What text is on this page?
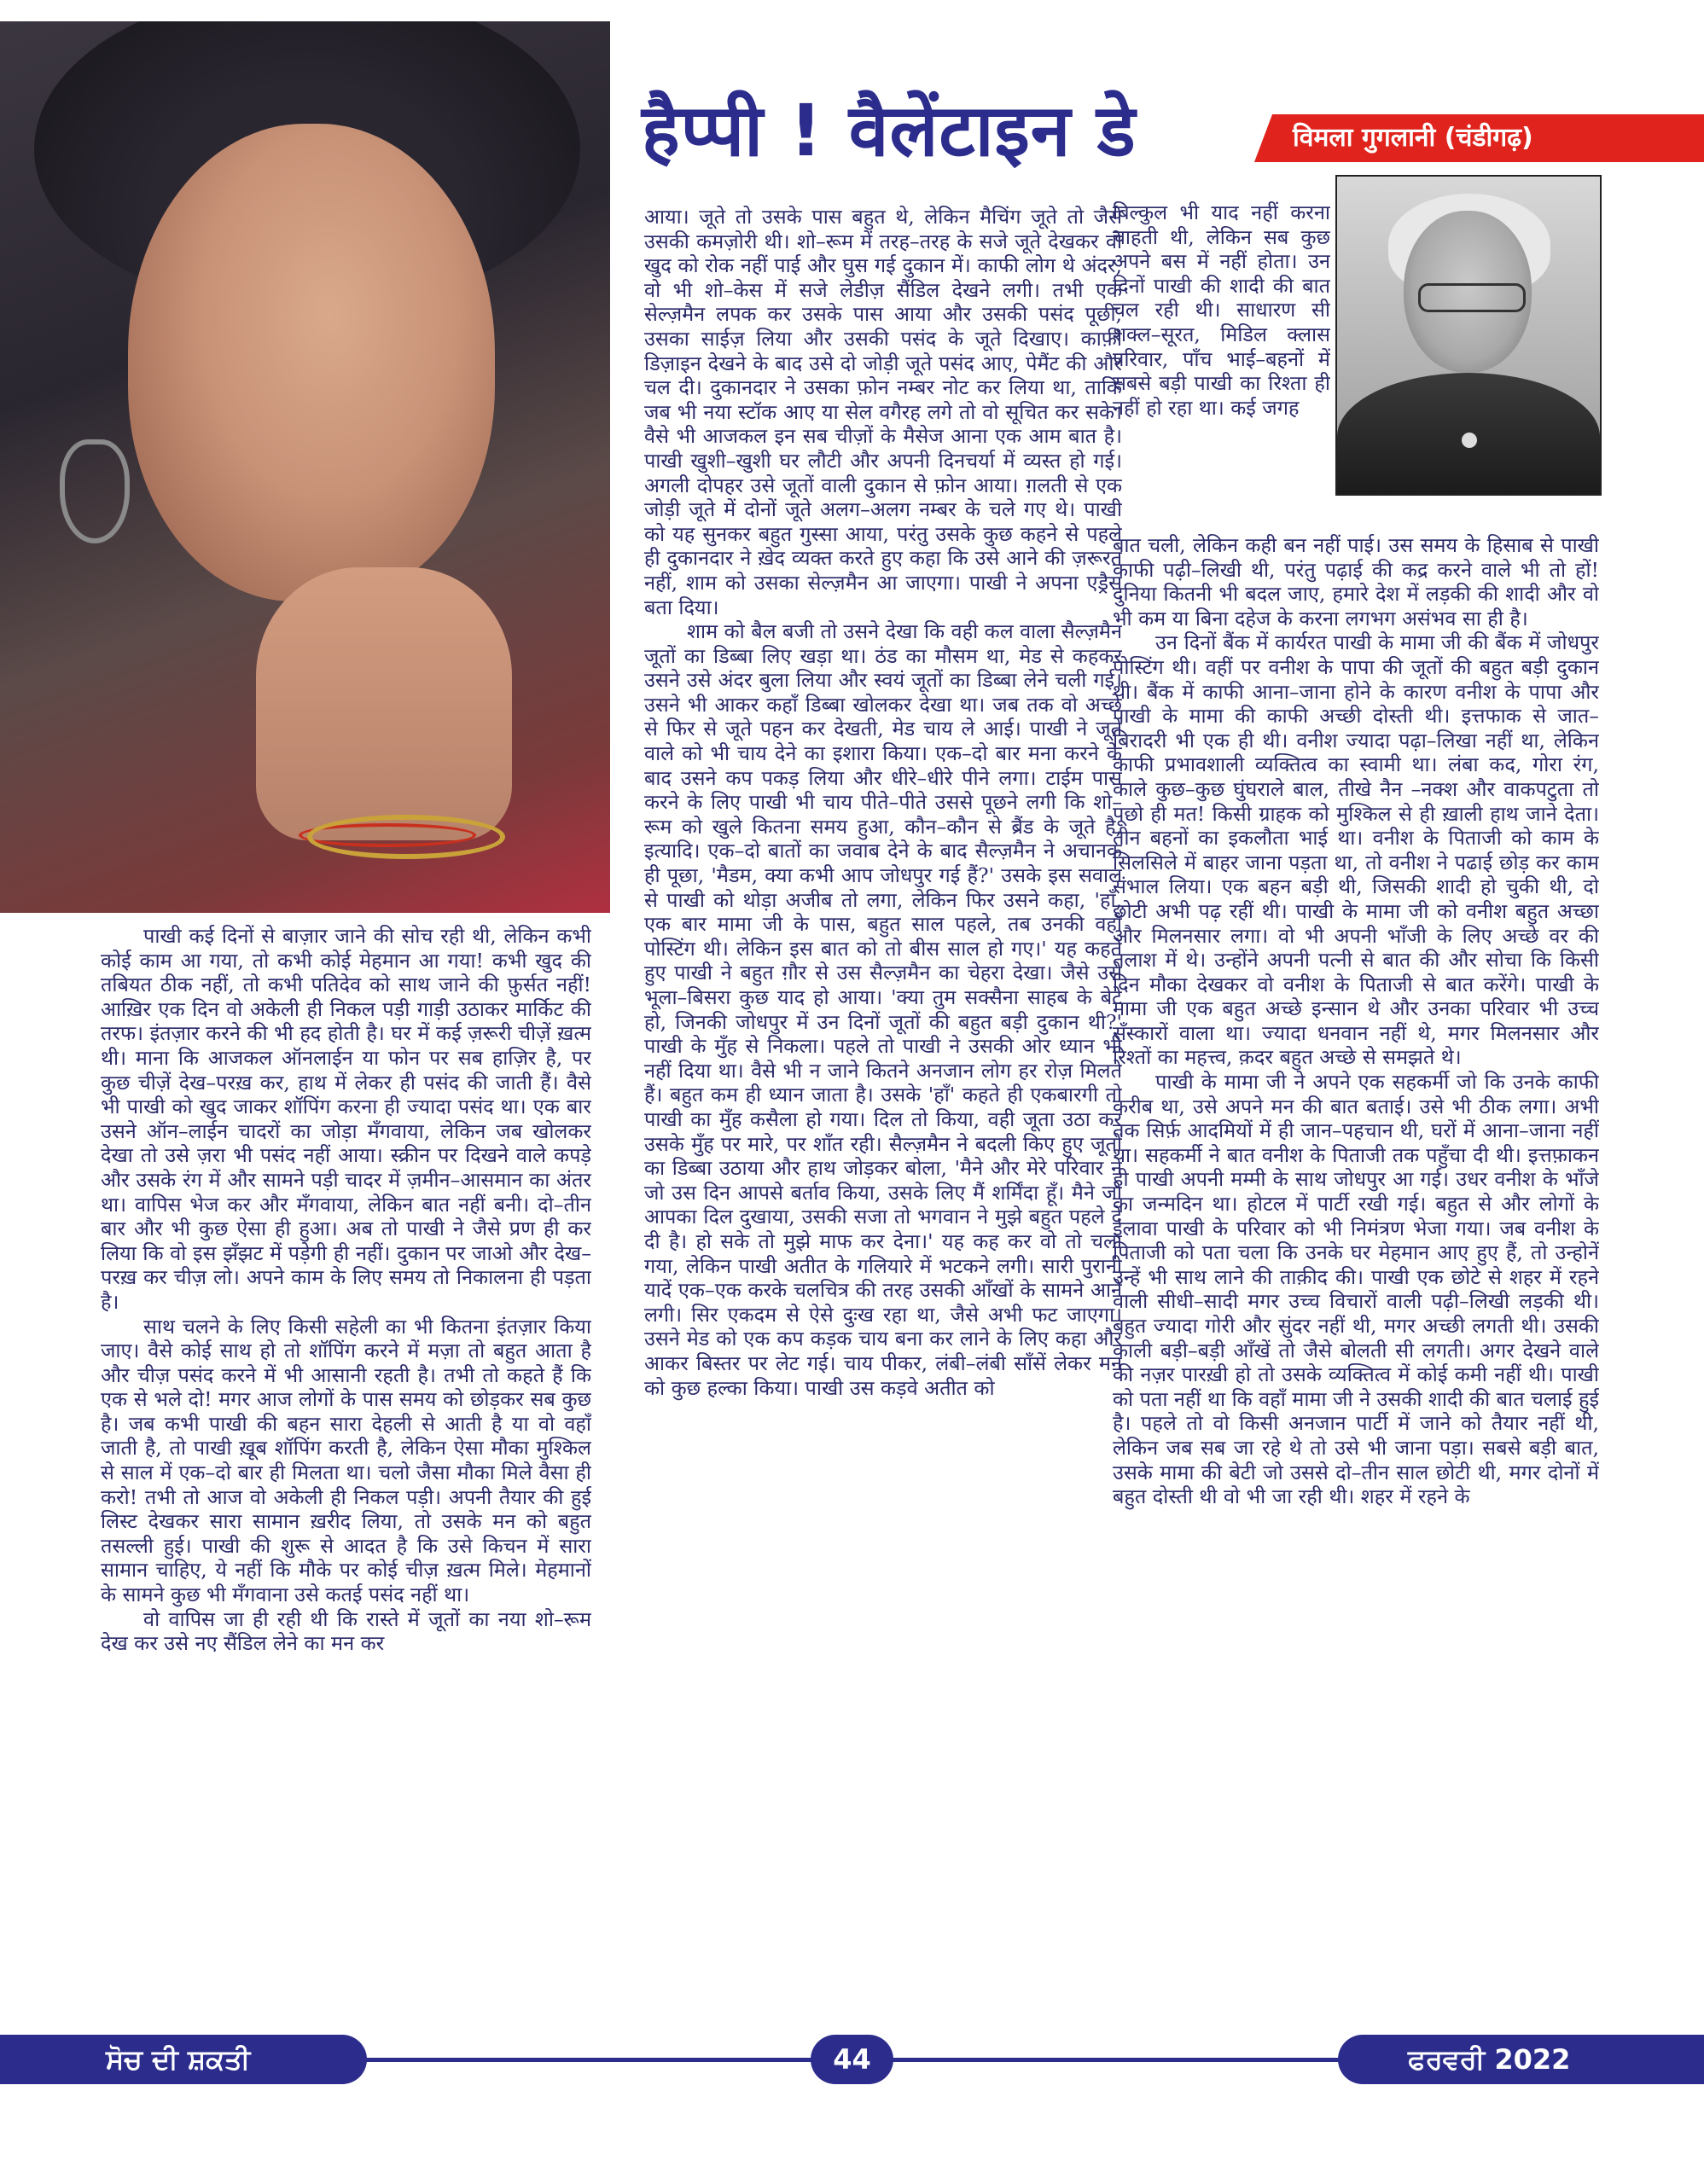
हैप्पी ! वैलेंटाइन डे	विमला गुगलानी (चंडीगढ़)

पाखी कई दिनों से बाज़ार जाने की सोच रही थी, लेकिन कभी कोई काम आ गया, तो कभी कोई मेहमान आ गया! कभी खुद की तबियत ठीक नहीं, तो कभी पतिदेव को साथ जाने की फ़ुर्सत नहीं! आख़िर एक दिन वो अकेली ही निकल पड़ी गाड़ी उठाकर मार्किट की तरफ। इंतज़ार करने की भी हद होती है। घर में कई ज़रूरी चीज़ें ख़त्म थी। माना कि आजकल ऑनलाईन या फोन पर सब हाज़िर है, पर कुछ चीज़ें देख–परख़ कर, हाथ में लेकर ही पसंद की जाती हैं। वैसे भी पाखी को खुद जाकर शॉपिंग करना ही ज्यादा पसंद था। एक बार उसने ऑन–लाईन चादरों का जोड़ा मँगवाया, लेकिन जब खोलकर देखा तो उसे ज़रा भी पसंद नहीं आया। स्क्रीन पर दिखने वाले कपड़े और उसके रंग में और सामने पड़ी चादर में ज़मीन–आसमान का अंतर था। वापिस भेज कर और मँगवाया, लेकिन बात नहीं बनी। दो–तीन बार और भी कुछ ऐसा ही हुआ। अब तो पाखी ने जैसे प्रण ही कर लिया कि वो इस झँझट में पड़ेगी ही नहीं। दुकान पर जाओ और देख–परख़ कर चीज़ लो। अपने काम के लिए समय तो निकालना ही पड़ता है।

साथ चलने के लिए किसी सहेली का भी कितना इंतज़ार किया जाए। वैसे कोई साथ हो तो शॉपिंग करने में मज़ा तो बहुत आता है और चीज़ पसंद करने में भी आसानी रहती है। तभी तो कहते हैं कि एक से भले दो! मगर आज लोगों के पास समय को छोड़कर सब कुछ है। जब कभी पाखी की बहन सारा देहली से आती है या वो वहाँ जाती है, तो पाखी ख़ूब शॉपिंग करती है, लेकिन ऐसा मौका मुश्किल से साल में एक–दो बार ही मिलता था। चलो जैसा मौका मिले वैसा ही करो! तभी तो आज वो अकेली ही निकल पड़ी। अपनी तैयार की हुई लिस्ट देखकर सारा सामान ख़रीद लिया, तो उसके मन को बहुत तसल्ली हुई। पाखी की शुरू से आदत है कि उसे किचन में सारा सामान चाहिए, ये नहीं कि मौके पर कोई चीज़ ख़त्म मिले। मेहमानों के सामने कुछ भी मँगवाना उसे कतई पसंद नहीं था।

वो वापिस जा ही रही थी कि रास्ते में जूतों का नया शो–रूम देख कर उसे नए सैंडिल लेने का मन कर

आया। जूते तो उसके पास बहुत थे, लेकिन मैचिंग जूते तो जैसे उसकी कमज़ोरी थी। शो–रूम में तरह–तरह के सजे जूते देखकर वो खुद को रोक नहीं पाई और घुस गई दुकान में। काफी लोग थे अंदर, वो भी शो–केस में सजे लेडीज़ सैंडिल देखने लगी। तभी एक सेल्ज़मैन लपक कर उसके पास आया और उसकी पसंद पूछी, उसका साईज़ लिया और उसकी पसंद के जूते दिखाए। काफ़ी डिज़ाइन देखने के बाद उसे दो जोड़ी जूते पसंद आए, पेमैंट की और चल दी। दुकानदार ने उसका फ़ोन नम्बर नोट कर लिया था, ताकि जब भी नया स्टॉक आए या सेल वगैरह लगे तो वो सूचित कर सके। वैसे भी आजकल इन सब चीज़ों के मैसेज आना एक आम बात है। पाखी खुशी–खुशी घर लौटी और अपनी दिनचर्या में व्यस्त हो गई। अगली दोपहर उसे जूतों वाली दुकान से फ़ोन आया। ग़लती से एक जोड़ी जूते में दोनों जूते अलग–अलग नम्बर के चले गए थे। पाखी को यह सुनकर बहुत गुस्सा आया, परंतु उसके कुछ कहने से पहले ही दुकानदार ने ख़ेद व्यक्त करते हुए कहा कि उसे आने की ज़रूरत नहीं, शाम को उसका सेल्ज़मैन आ जाएगा। पाखी ने अपना एड्रैस बता दिया।

शाम को बैल बजी तो उसने देखा कि वही कल वाला सैल्ज़मैन जूतों का डिब्बा लिए खड़ा था। ठंड का मौसम था, मेड से कहकर उसने उसे अंदर बुला लिया और स्वयं जूतों का डिब्बा लेने चली गई। उसने भी आकर कहाँ डिब्बा खोलकर देखा था। जब तक वो अच्छे से फिर से जूते पहन कर देखती, मेड चाय ले आई। पाखी ने जूते वाले को भी चाय देने का इशारा किया। एक–दो बार मना करने के बाद उसने कप पकड़ लिया और धीरे–धीरे पीने लगा। टाईम पास करने के लिए पाखी भी चाय पीते–पीते उससे पूछने लगी कि शो–रूम को खुले कितना समय हुआ, कौन–कौन से ब्रैंड के जूते है, इत्यादि। एक–दो बातों का जवाब देने के बाद सैल्ज़मैन ने अचानक ही पूछा, 'मैडम, क्या कभी आप जोधपुर गई हैं?' उसके इस सवाल से पाखी को थोड़ा अजीब तो लगा, लेकिन फिर उसने कहा, 'हाँ, एक बार मामा जी के पास, बहुत साल पहले, तब उनकी वहाँ पोस्टिंग थी। लेकिन इस बात को तो बीस साल हो गए।' यह कहते हुए पाखी ने बहुत ग़ौर से उस सैल्ज़मैन का चेहरा देखा। जैसे उसे भूला–बिसरा कुछ याद हो आया। 'क्या तुम सक्सैना साहब के बेटे हो, जिनकी जोधपुर में उन दिनों जूतों की बहुत बड़ी दुकान थी?' पाखी के मुँह से निकला। पहले तो पाखी ने उसकी ओर ध्यान भी नहीं दिया था। वैसे भी न जाने कितने अनजान लोग हर रोज़ मिलते हैं। बहुत कम ही ध्यान जाता है। उसके 'हाँ' कहते ही एकबारगी तो पाखी का मुँह कसैला हो गया। दिल तो किया, वही जूता उठा कर उसके मुँह पर मारे, पर शाँत रही। सैल्ज़मैन ने बदली किए हुए जूतों का डिब्बा उठाया और हाथ जोड़कर बोला, 'मैने और मेरे परिवार ने जो उस दिन आपसे बर्ताव किया, उसके लिए मैं शर्मिंदा हूँ। मैने जो आपका दिल दुखाया, उसकी सजा तो भगवान ने मुझे बहुत पहले दे दी है। हो सके तो मुझे माफ कर देना।' यह कह कर वो तो चला गया, लेकिन पाखी अतीत के गलियारे में भटकने लगी। सारी पुरानी यादें एक–एक करके चलचित्र की तरह उसकी आँखों के सामने आने लगी। सिर एकदम से ऐसे दुःख रहा था, जैसे अभी फट जाएगा। उसने मेड को एक कप कड़क चाय बना कर लाने के लिए कहा और आकर बिस्तर पर लेट गई। चाय पीकर, लंबी–लंबी साँसें लेकर मन को कुछ हल्का किया। पाखी उस कड़वे अतीत को

बिल्कुल भी याद नहीं करना चाहती थी, लेकिन सब कुछ अपने बस में नहीं होता। उन दिनों पाखी की शादी की बात चल रही थी। साधारण सी शक्ल–सूरत, मिडिल क्लास परिवार, पाँच भाई–बहनों में सबसे बड़ी पाखी का रिश्ता ही नहीं हो रहा था। कई जगह

बात चली, लेकिन कही बन नहीं पाई। उस समय के हिसाब से पाखी काफी पढ़ी–लिखी थी, परंतु पढ़ाई की कद्र करने वाले भी तो हों! दुनिया कितनी भी बदल जाए, हमारे देश में लड़की की शादी और वो भी कम या बिना दहेज के करना लगभग असंभव सा ही है।

उन दिनों बैंक में कार्यरत पाखी के मामा जी की बैंक में जोधपुर पोस्टिंग थी। वहीं पर वनीश के पापा की जूतों की बहुत बड़ी दुकान थी। बैंक में काफी आना–जाना होने के कारण वनीश के पापा और पाखी के मामा की काफी अच्छी दोस्ती थी। इत्तफाक से जात–बिरादरी भी एक ही थी। वनीश ज्यादा पढ़ा–लिखा नहीं था, लेकिन काफी प्रभावशाली व्यक्तित्व का स्वामी था। लंबा कद, गोरा रंग, काले कुछ–कुछ घुंघराले बाल, तीखे नैन –नक्श और वाकपटुता तो पूछो ही मत! किसी ग्राहक को मुश्किल से ही ख़ाली हाथ जाने देता। तीन बहनों का इकलौता भाई था। वनीश के पिताजी को काम के सिलसिले में बाहर जाना पड़ता था, तो वनीश ने पढाई छोड़ कर काम संभाल लिया। एक बहन बड़ी थी, जिसकी शादी हो चुकी थी, दो छोटी अभी पढ़ रहीं थी। पाखी के मामा जी को वनीश बहुत अच्छा और मिलनसार लगा। वो भी अपनी भाँजी के लिए अच्छे वर की तलाश में थे। उन्होंने अपनी पत्नी से बात की और सोचा कि किसी दिन मौका देखकर वो वनीश के पिताजी से बात करेंगे। पाखी के मामा जी एक बहुत अच्छे इन्सान थे और उनका परिवार भी उच्च सँस्कारों वाला था। ज्यादा धनवान नहीं थे, मगर मिलनसार और रिश्तों का महत्त्व, क़दर बहुत अच्छे से समझते थे।

पाखी के मामा जी ने अपने एक सहकर्मी जो कि उनके काफी करीब था, उसे अपने मन की बात बताई। उसे भी ठीक लगा। अभी तक सिर्फ़ आदमियों में ही जान–पहचान थी, घरों में आना–जाना नहीं था। सहकर्मी ने बात वनीश के पिताजी तक पहुँचा दी थी। इत्तफ़ाकन ही पाखी अपनी मम्मी के साथ जोधपुर आ गई। उधर वनीश के भाँजे का जन्मदिन था। होटल में पार्टी रखी गई। बहुत से और लोगों के इलावा पाखी के परिवार को भी निमंत्रण भेजा गया। जब वनीश के पिताजी को पता चला कि उनके घर मेहमान आए हुए हैं, तो उन्होनें उन्हें भी साथ लाने की ताक़ीद की। पाखी एक छोटे से शहर में रहने वाली सीधी–सादी मगर उच्च विचारों वाली पढ़ी–लिखी लड़की थी। बहुत ज्यादा गोरी और सुंदर नहीं थी, मगर अच्छी लगती थी। उसकी काली बड़ी–बड़ी आँखें तो जैसे बोलती सी लगती। अगर देखने वाले की नज़र पारख़ी हो तो उसके व्यक्तित्व में कोई कमी नहीं थी। पाखी को पता नहीं था कि वहाँ मामा जी ने उसकी शादी की बात चलाई हुई है। पहले तो वो किसी अनजान पार्टी में जाने को तैयार नहीं थी, लेकिन जब सब जा रहे थे तो उसे भी जाना पड़ा। सबसे बड़ी बात, उसके मामा की बेटी जो उससे दो–तीन साल छोटी थी, मगर दोनों में बहुत दोस्ती थी वो भी जा रही थी। शहर में रहने के

ਸੋਚ ਦੀ ਸ਼ਕਤੀ	44	ਫਰਵਰੀ 2022
